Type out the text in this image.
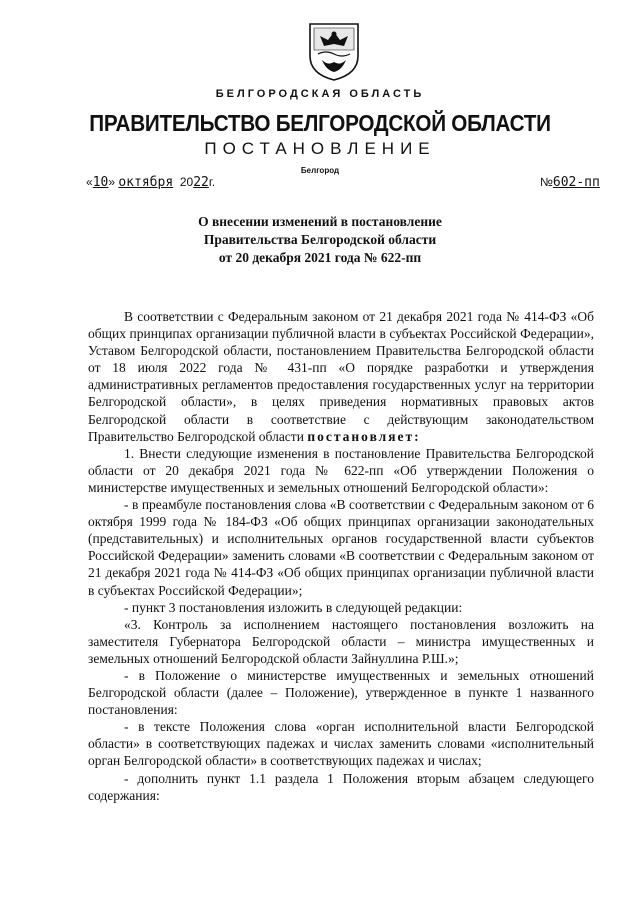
БЕЛГОРОДСКАЯ ОБЛАСТЬ
ПРАВИТЕЛЬСТВО БЕЛГОРОДСКОЙ ОБЛАСТИ
ПОСТАНОВЛЕНИЕ
Белгород
«10» октября 2022г.	№602-пп
О внесении изменений в постановление
Правительства Белгородской области
от 20 декабря 2021 года № 622-пп

В соответствии с Федеральным законом от 21 декабря 2021 года № 414-ФЗ «Об общих принципах организации публичной власти в субъектах Российской Федерации», Уставом Белгородской области, постановлением Правительства Белгородской области от 18 июля 2022 года № 431-пп «О порядке разработки и утверждения административных регламентов предоставления государственных услуг на территории Белгородской области», в целях приведения нормативных правовых актов Белгородской области в соответствие с действующим законодательством Правительство Белгородской области постановляет:

1. Внести следующие изменения в постановление Правительства Белгородской области от 20 декабря 2021 года № 622-пп «Об утверждении Положения о министерстве имущественных и земельных отношений Белгородской области»:

- в преамбуле постановления слова «В соответствии с Федеральным законом от 6 октября 1999 года № 184-ФЗ «Об общих принципах организации законодательных (представительных) и исполнительных органов государственной власти субъектов Российской Федерации» заменить словами «В соответствии с Федеральным законом от 21 декабря 2021 года № 414-ФЗ «Об общих принципах организации публичной власти в субъектах Российской Федерации»;

- пункт 3 постановления изложить в следующей редакции:

«3. Контроль за исполнением настоящего постановления возложить на заместителя Губернатора Белгородской области – министра имущественных и земельных отношений Белгородской области Зайнуллина Р.Ш.»;

- в Положение о министерстве имущественных и земельных отношений Белгородской области (далее – Положение), утвержденное в пункте 1 названного постановления:

- в тексте Положения слова «орган исполнительной власти Белгородской области» в соответствующих падежах и числах заменить словами «исполнительный орган Белгородской области» в соответствующих падежах и числах;

- дополнить пункт 1.1 раздела 1 Положения вторым абзацем следующего содержания:
